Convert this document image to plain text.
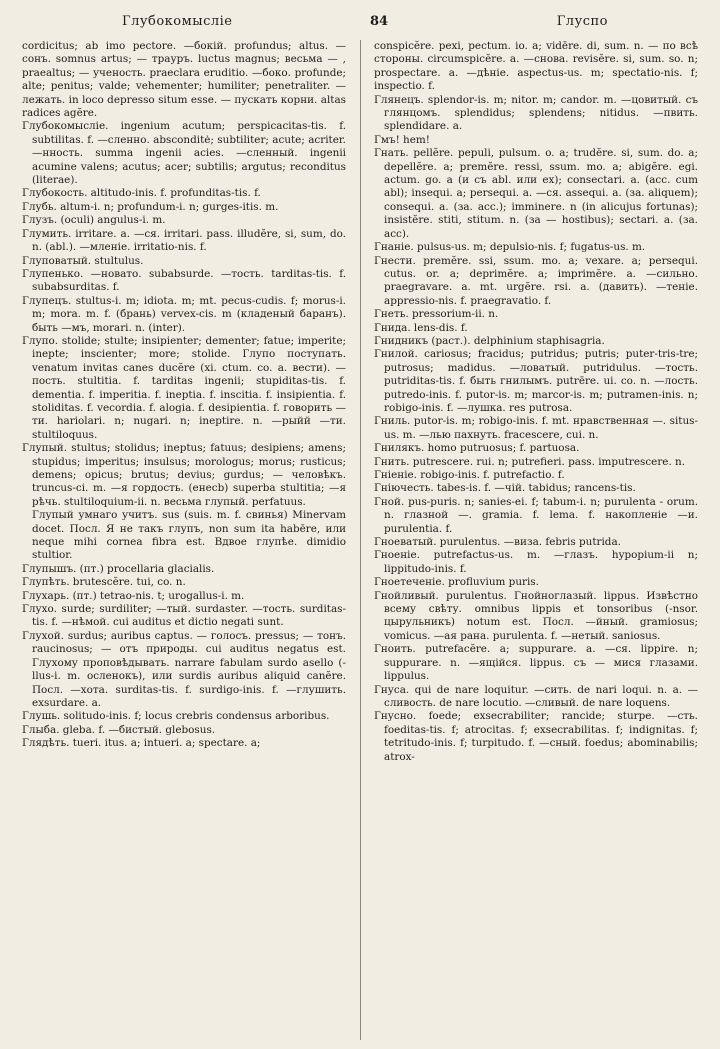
Глубокомысліе	84	Глуспо

cordicitus; ab imo pectore. —бокій. profundus; altus. — сонъ. somnus artus; — трауръ. luctus magnus; весьма — , praealtus; — ученость. praeclara eruditio. —боко. profunde; alte; penitus; valde; vehementer; humiliter; penetraliter. — лежать. in loco depresso situm esse. — пускать корни. altas radices agĕre.

Глубокомысліе. ingenium acutum; perspicacitas-tis. f. subtilitas. f. —сленно. absconditė; subtiliter; acute; acriter. —нность. summa ingenii acies. —сленный. ingenii acumine valens; acutus; acer; subtilis; argutus; reconditus (literae).

Глубокость. altitudo-inis. f. profunditas-tis. f.

Глубь. altum-i. n; profundum-i. n; gurges-itis. m.

Глузъ. (oculi) angulus-i. m.

Глумить. irritare. a. —ся. irritari. pass. illudĕre, si, sum, do. n. (abl.). —мленіе. irritatio-nis. f.

Глуповатый. stultulus.

Глупенько. —новато. subabsurde. —тость. tarditas-tis. f. subabsurditas. f.

Глупецъ. stultus-i. m; idiota. m; mt. pecus-cudis. f; morus-i. m; mora. m. f. (брань) vervex-cis. m (кладеный баранъ). быть —мъ, morari. n. (inter).

Глупо. stolide; stulte; insipienter; dementer; fatue; imperite; inepte; inscienter; more; stolide. Глупо поступать. venatum invitas canes ducĕre (xi. ctum. co. a. вести). —пость. stultitia. f. tarditas ingenii; stupiditas-tis. f. dementia. f. imperitia. f. ineptia. f. inscitia. f. insipientia. f. stoliditas. f. vecordia. f. alogia. f. desipientia. f. говорить —ти. hariolari. n; nugari. n; ineptire. n. —рыйй —ти. stultiloquus.

Глупый. stultus; stolidus; ineptus; fatuus; desipiens; amens; stupidus; imperitus; insulsus; morologus; morus; rusticus; demens; opicus; brutus; devius; gurdus; — человѣкъ. truncus-ci. m. —я гордость. (енеcb) superba stultitia; —я рѣчь. stultiloquium-ii. n. весьма глупый. perfatuus.

Глупый умнаго учитъ. sus (suis. m. f. свинья) Minervam docet. Посл. Я не такъ глупъ, non sum ita habēre, или neque mihi cornea fibra est. Вдвое глупѣе. dimidio stultior.

Глупышъ. (пт.) procellaria glacialis.

Глупѣть. brutescĕre. tui, co. n.

Глухарь. (пт.) tetrao-nis. t; urogallus-i. m.

Глухо. surde; surdiliter; —тый. surdaster. —тость. surditas-tis. f. —нѣмой. cui auditus et dictio negati sunt.

Глухой. surdus; auribus captus. — голосъ. pressus; — тонъ. raucinosus; — отъ природы. cui auditus negatus est. Глухому проповѣдывать. narrare fabulam surdo asello (-llus-i. m. осленокъ), или surdis auribus aliquid canĕre. Посл. —хота. surditas-tis. f. surdigo-inis. f. —глушить. exsurdare. a.

Глушь. solitudo-inis. f; locus crebris condensus arboribus.

Глыба. gleba. f. —бистый. glebosus.

Глядѣть. tueri. itus. a; intueri. a; spectare. a;

conspicĕre. pexi, pectum. io. a; vidēre. di, sum. n. — по всѣ стороны. circumspicĕre. a. —снова. revisĕre. si, sum. so. n; prospectare. a. —дѣніе. aspectus-us. m; spectatio-nis. f; inspectio. f.

Глянецъ. splendor-is. m; nitor. m; candor. m. —цовитый. съ глянцомъ. splendidus; splendens; nitidus. —пвить. splendidare. a.

Гмъ! hem!

Гнать. pellĕre. pepuli, pulsum. o. a; trudĕre. si, sum. do. a; depellĕre. a; premĕre. ressi, ssum. mo. a; abigĕre. egi. actum. go. a (и съ abl. или ex); consectari. a. (acc. cum abl); insequi. a; persequi. a. —ся. assequi. a. (за. aliquem); consequi. a. (за. acc.); imminere. n (in alicujus fortunas); insistĕre. stiti, stitum. n. (за — hostibus); sectari. a. (за. acc).

Гнаніе. pulsus-us. m; depulsio-nis. f; fugatus-us. m.

Гнести. premĕre. ssi, ssum. mo. a; vexare. a; persequi. cutus. or. a; deprimĕre. a; imprimĕre. a. —сильно. praegravare. a. mt. urgĕre. rsi. a. (давить). —теніе. appressio-nis. f. praegravatio. f.

Гнеть. pressorium-ii. n.

Гнида. lens-dis. f.

Гнидникъ (раст.). delphinium staphisagria.

Гнилой. cariosus; fracidus; putridus; putris; puter-tris-tre; putrosus; madidus. —ловатый. putridulus. —тость. putriditas-tis. f. быть гнилымъ. putrēre. ui. co. n. —лость. putredo-inis. f. putor-is. m; marcor-is. m; putramen-inis. n; robigo-inis. f. —лушка. res putrosa.

Гниль. putor-is. m; robigo-inis. f. mt. нравственная —. situs-us. m. —лью пахнуть. fracescere, cui. n.

Гнилякъ. homo putruosus; f. partuosa.

Гнить. putrescere. rui. n; putrefieri. pass. imputrescere. n.

Гніеніе. robigo-inis. f. putrefactio. f.

Гніючесть. tabes-is. f. —чій. tabidus; rancens-tis.

Гной. pus-puris. n; sanies-ei. f; tabum-i. n; purulenta - orum. n. глазной —. gramia. f. lema. f. накопленіе —и. purulentia. f.

Гноеватый. purulentus. —виза. febris putrida.

Гноеніе. putrefactus-us. m. —глазъ. hypopium-ii n; lippitudo-inis. f.

Гноетеченіе. profluvium puris.

Гнойливый. purulentus. Гнойноглазый. lippus. Извѣстно всему свѣту. omnibus lippis et tonsoribus (-nsor. цырульникъ) notum est. Посл. —йный. gramiosus; vomicus. —ая рана. purulenta. f. —нетый. saniosus.

Гноить. putrefacĕre. a; suppurare. a. —ся. lippire. n; suppurare. n. —ящійся. lippus. съ — мися глазами. lippulus.

Гнуса. qui de nare loquitur. —сить. de nari loqui. n. a. —сливость. de nare locutio. —сливый. de nare loquens.

Гнусно. foede; exsecrabiliter; rancide; sturpe. —сть. foeditas-tis. f; atrocitas. f; exsecrabilitas. f; indignitas. f; tetritudo-inis. f; turpitudo. f. —сный. foedus; abominabilis; atrox-
